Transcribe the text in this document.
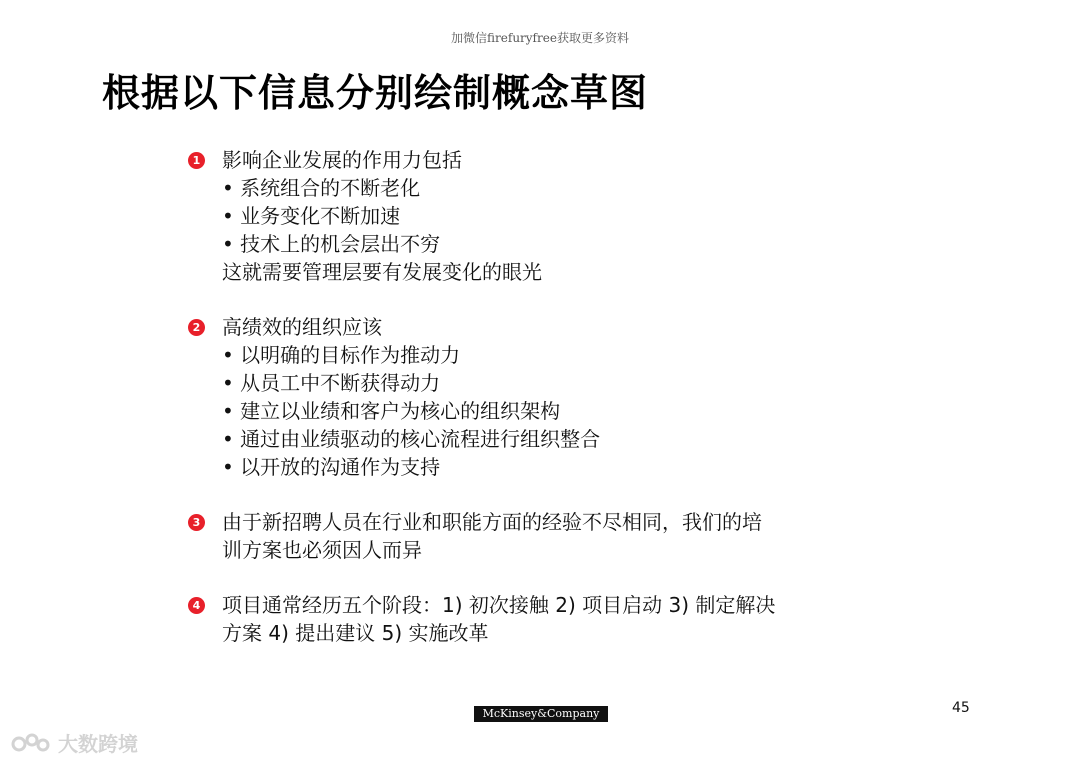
加微信firefuryfree获取更多资料
根据以下信息分别绘制概念草图
1 影响企业发展的作用力包括
• 系统组合的不断老化
• 业务变化不断加速
• 技术上的机会层出不穷
这就需要管理层要有发展变化的眼光
2 高绩效的组织应该
• 以明确的目标作为推动力
• 从员工中不断获得动力
• 建立以业绩和客户为核心的组织架构
• 通过由业绩驱动的核心流程进行组织整合
• 以开放的沟通作为支持
3 由于新招聘人员在行业和职能方面的经验不尽相同，我们的培
训方案也必须因人而异
4 项目通常经历五个阶段：1) 初次接触 2) 项目启动 3) 制定解决
方案 4) 提出建议 5) 实施改革
McKinsey&Company	45
大数跨境
